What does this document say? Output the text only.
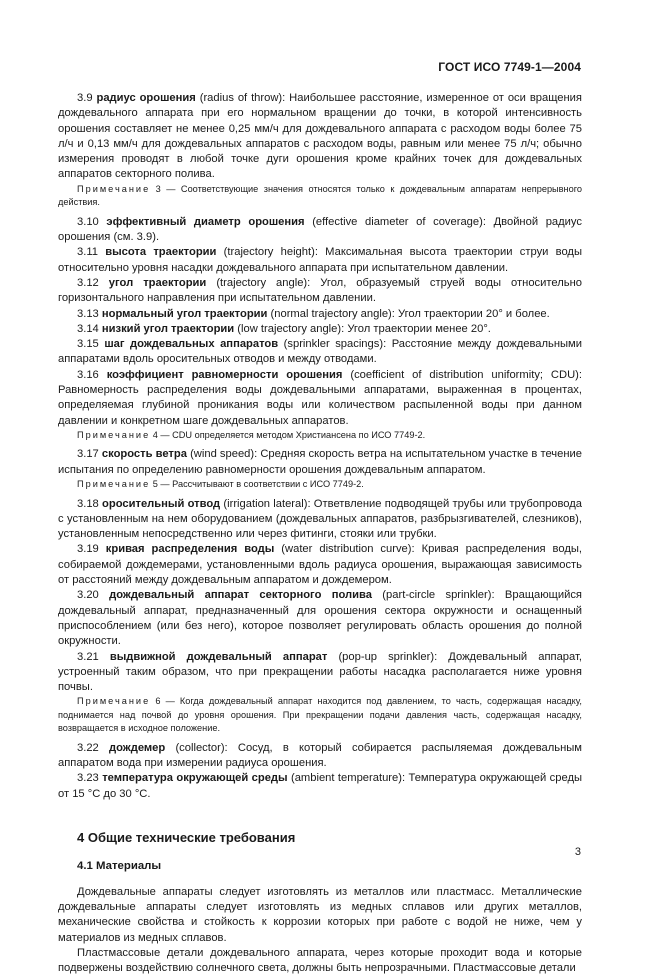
ГОСТ ИСО 7749-1—2004

3.9 радиус орошения (radius of throw): Наибольшее расстояние, измеренное от оси вращения дождевального аппарата при его нормальном вращении до точки, в которой интенсивность орошения составляет не менее 0,25 мм/ч для дождевального аппарата с расходом воды более 75 л/ч и 0,13 мм/ч для дождевальных аппаратов с расходом воды, равным или менее 75 л/ч; обычно измерения проводят в любой точке дуги орошения кроме крайних точек для дождевальных аппаратов секторного полива.

Примечание 3 — Соответствующие значения относятся только к дождевальным аппаратам непрерывного действия.

3.10 эффективный диаметр орошения (effective diameter of coverage): Двойной радиус орошения (см. 3.9).

3.11 высота траектории (trajectory height): Максимальная высота траектории струи воды относительно уровня насадки дождевального аппарата при испытательном давлении.

3.12 угол траектории (trajectory angle): Угол, образуемый струей воды относительно горизонтального направления при испытательном давлении.

3.13 нормальный угол траектории (normal trajectory angle): Угол траектории 20° и более.

3.14 низкий угол траектории (low trajectory angle): Угол траектории менее 20°.

3.15 шаг дождевальных аппаратов (sprinkler spacings): Расстояние между дождевальными аппаратами вдоль оросительных отводов и между отводами.

3.16 коэффициент равномерности орошения (coefficient of distribution uniformity; CDU): Равномерность распределения воды дождевальными аппаратами, выраженная в процентах, определяемая глубиной проникания воды или количеством распыленной воды при данном давлении и конкретном шаге дождевальных аппаратов.

Примечание 4 — CDU определяется методом Христиансена по ИСО 7749-2.

3.17 скорость ветра (wind speed): Средняя скорость ветра на испытательном участке в течение испытания по определению равномерности орошения дождевальным аппаратом.

Примечание 5 — Рассчитывают в соответствии с ИСО 7749-2.

3.18 оросительный отвод (irrigation lateral): Ответвление подводящей трубы или трубопровода с установленным на нем оборудованием (дождевальных аппаратов, разбрызгивателей, слезников), установленным непосредственно или через фитинги, стояки или трубки.

3.19 кривая распределения воды (water distribution curve): Кривая распределения воды, собираемой дождемерами, установленными вдоль радиуса орошения, выражающая зависимость от расстояний между дождевальным аппаратом и дождемером.

3.20 дождевальный аппарат секторного полива (part-circle sprinkler): Вращающийся дождевальный аппарат, предназначенный для орошения сектора окружности и оснащенный приспособлением (или без него), которое позволяет регулировать область орошения до полной окружности.

3.21 выдвижной дождевальный аппарат (pop-up sprinkler): Дождевальный аппарат, устроенный таким образом, что при прекращении работы насадка располагается ниже уровня почвы.

Примечание 6 — Когда дождевальный аппарат находится под давлением, то часть, содержащая насадку, поднимается над почвой до уровня орошения. При прекращении подачи давления часть, содержащая насадку, возвращается в исходное положение.

3.22 дождемер (collector): Сосуд, в который собирается распыляемая дождевальным аппаратом вода при измерении радиуса орошения.

3.23 температура окружающей среды (ambient temperature): Температура окружающей среды от 15 °C до 30 °C.

4 Общие технические требования
4.1 Материалы

Дождевальные аппараты следует изготовлять из металлов или пластмасс. Металлические дождевальные аппараты следует изготовлять из медных сплавов или других металлов, механические свойства и стойкость к коррозии которых при работе с водой не ниже, чем у материалов из медных сплавов.

Пластмассовые детали дождевального аппарата, через которые проходит вода и которые подвержены воздействию солнечного света, должны быть непрозрачными. Пластмассовые детали

3
